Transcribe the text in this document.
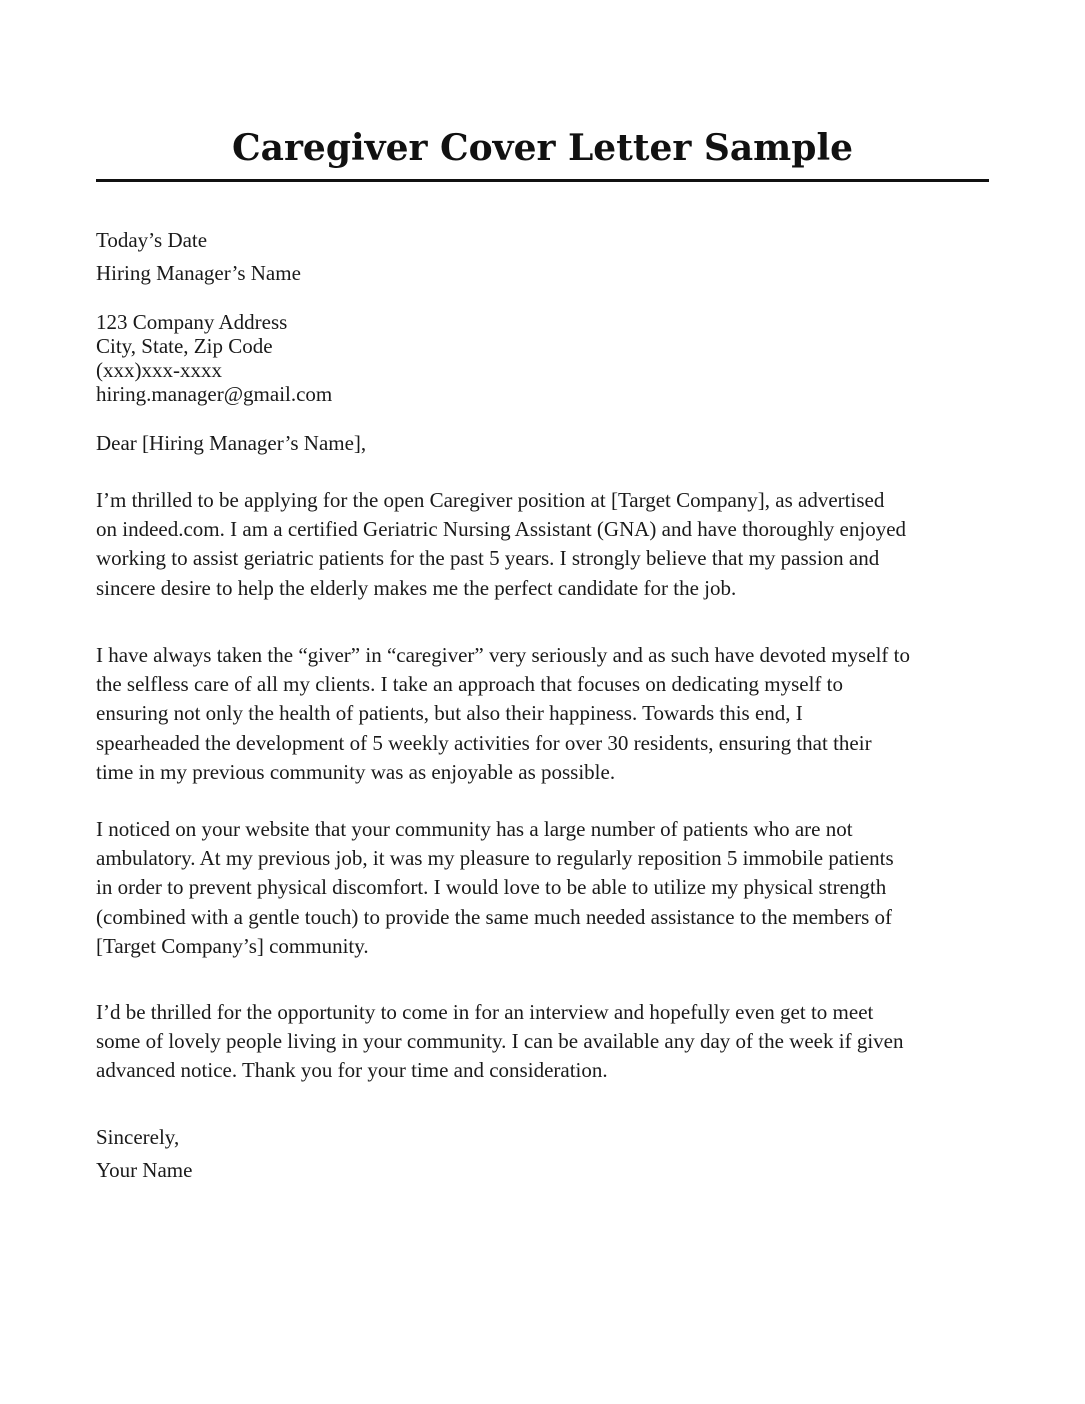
Caregiver Cover Letter Sample

Today’s Date

Hiring Manager’s Name

123 Company Address

City, State, Zip Code

(xxx)xxx-xxxx

hiring.manager@gmail.com

Dear [Hiring Manager’s Name],

I’m thrilled to be applying for the open Caregiver position at [Target Company], as advertised
on indeed.com. I am a certified Geriatric Nursing Assistant (GNA) and have thoroughly enjoyed
working to assist geriatric patients for the past 5 years. I strongly believe that my passion and
sincere desire to help the elderly makes me the perfect candidate for the job.
I have always taken the “giver” in “caregiver” very seriously and as such have devoted myself to
the selfless care of all my clients. I take an approach that focuses on dedicating myself to
ensuring not only the health of patients, but also their happiness. Towards this end, I
spearheaded the development of 5 weekly activities for over 30 residents, ensuring that their
time in my previous community was as enjoyable as possible.
I noticed on your website that your community has a large number of patients who are not
ambulatory. At my previous job, it was my pleasure to regularly reposition 5 immobile patients
in order to prevent physical discomfort. I would love to be able to utilize my physical strength
(combined with a gentle touch) to provide the same much needed assistance to the members of
[Target Company’s] community.
I’d be thrilled for the opportunity to come in for an interview and hopefully even get to meet
some of lovely people living in your community. I can be available any day of the week if given
advanced notice. Thank you for your time and consideration.

Sincerely,

Your Name
